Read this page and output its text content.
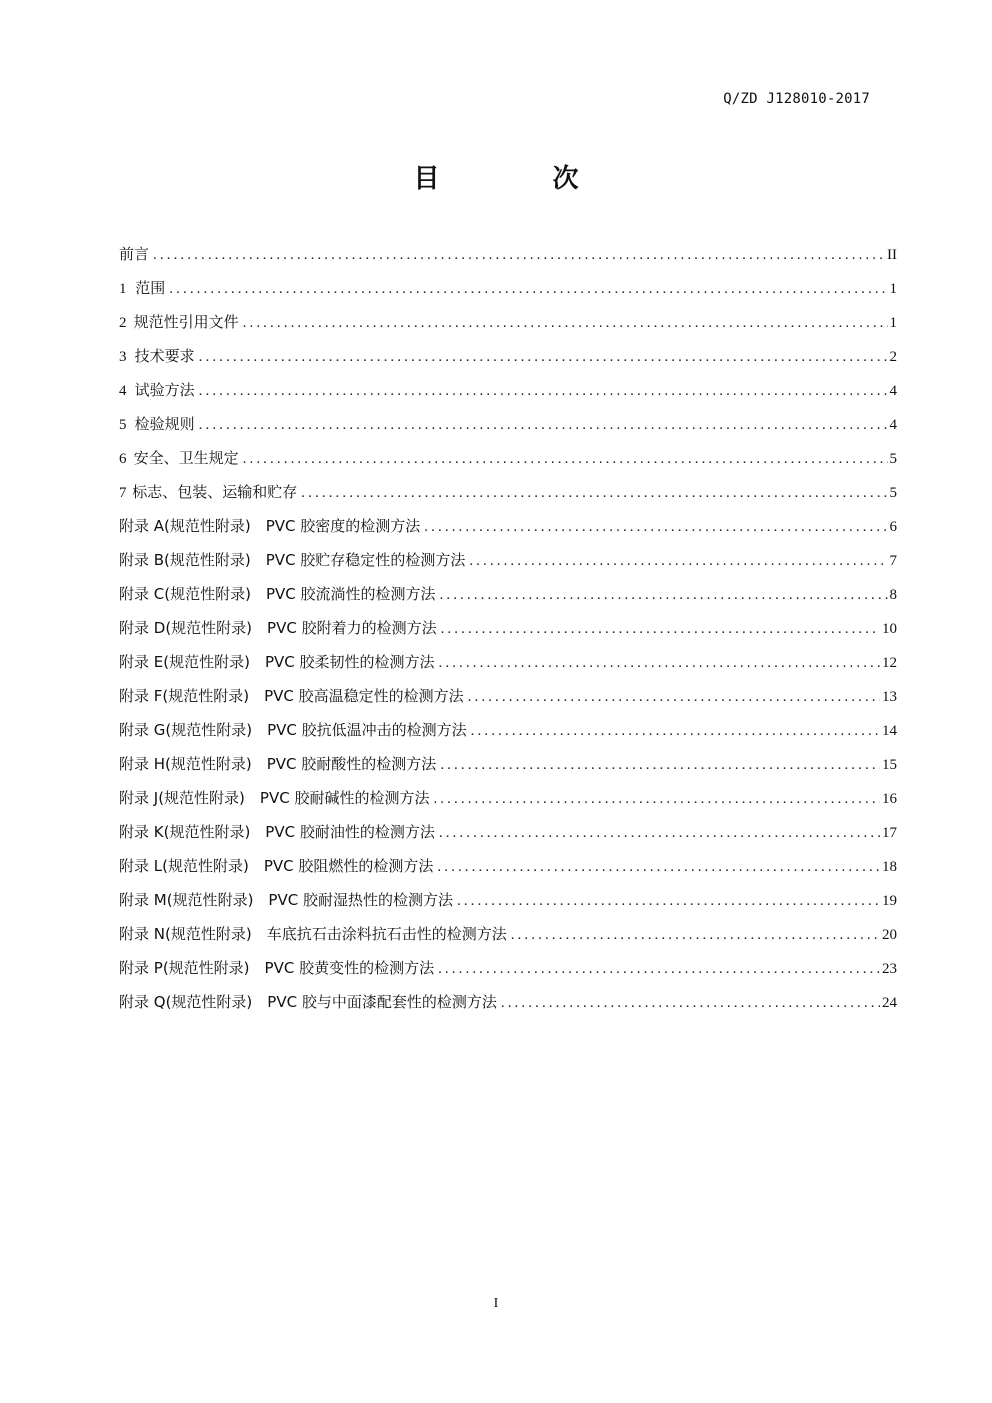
Q/ZD J128010-2017
目 次
前言 .....	II
1 范围 .....	1
2 规范性引用文件 .....	1
3 技术要求 .....	2
4 试验方法 .....	4
5 检验规则 .....	4
6 安全、卫生规定 .....	5
7 标志、包装、运输和贮存 .....	5
附录 A(规范性附录)　PVC 胶密度的检测方法 .....	6
附录 B(规范性附录)　PVC 胶贮存稳定性的检测方法 .....	7
附录 C(规范性附录)　PVC 胶流淌性的检测方法 .....	8
附录 D(规范性附录)　PVC 胶附着力的检测方法 .....	10
附录 E(规范性附录)　PVC 胶柔韧性的检测方法 .....	12
附录 F(规范性附录)　PVC 胶高温稳定性的检测方法 .....	13
附录 G(规范性附录)　PVC 胶抗低温冲击的检测方法 .....	14
附录 H(规范性附录)　PVC 胶耐酸性的检测方法 .....	15
附录 J(规范性附录)　PVC 胶耐碱性的检测方法 .....	16
附录 K(规范性附录)　PVC 胶耐油性的检测方法 .....	17
附录 L(规范性附录)　PVC 胶阻燃性的检测方法 .....	18
附录 M(规范性附录)　PVC 胶耐湿热性的检测方法 .....	19
附录 N(规范性附录)　车底抗石击涂料抗石击性的检测方法 .....	20
附录 P(规范性附录)　PVC 胶黄变性的检测方法 .....	23
附录 Q(规范性附录)　PVC 胶与中面漆配套性的检测方法 .....	24
I
